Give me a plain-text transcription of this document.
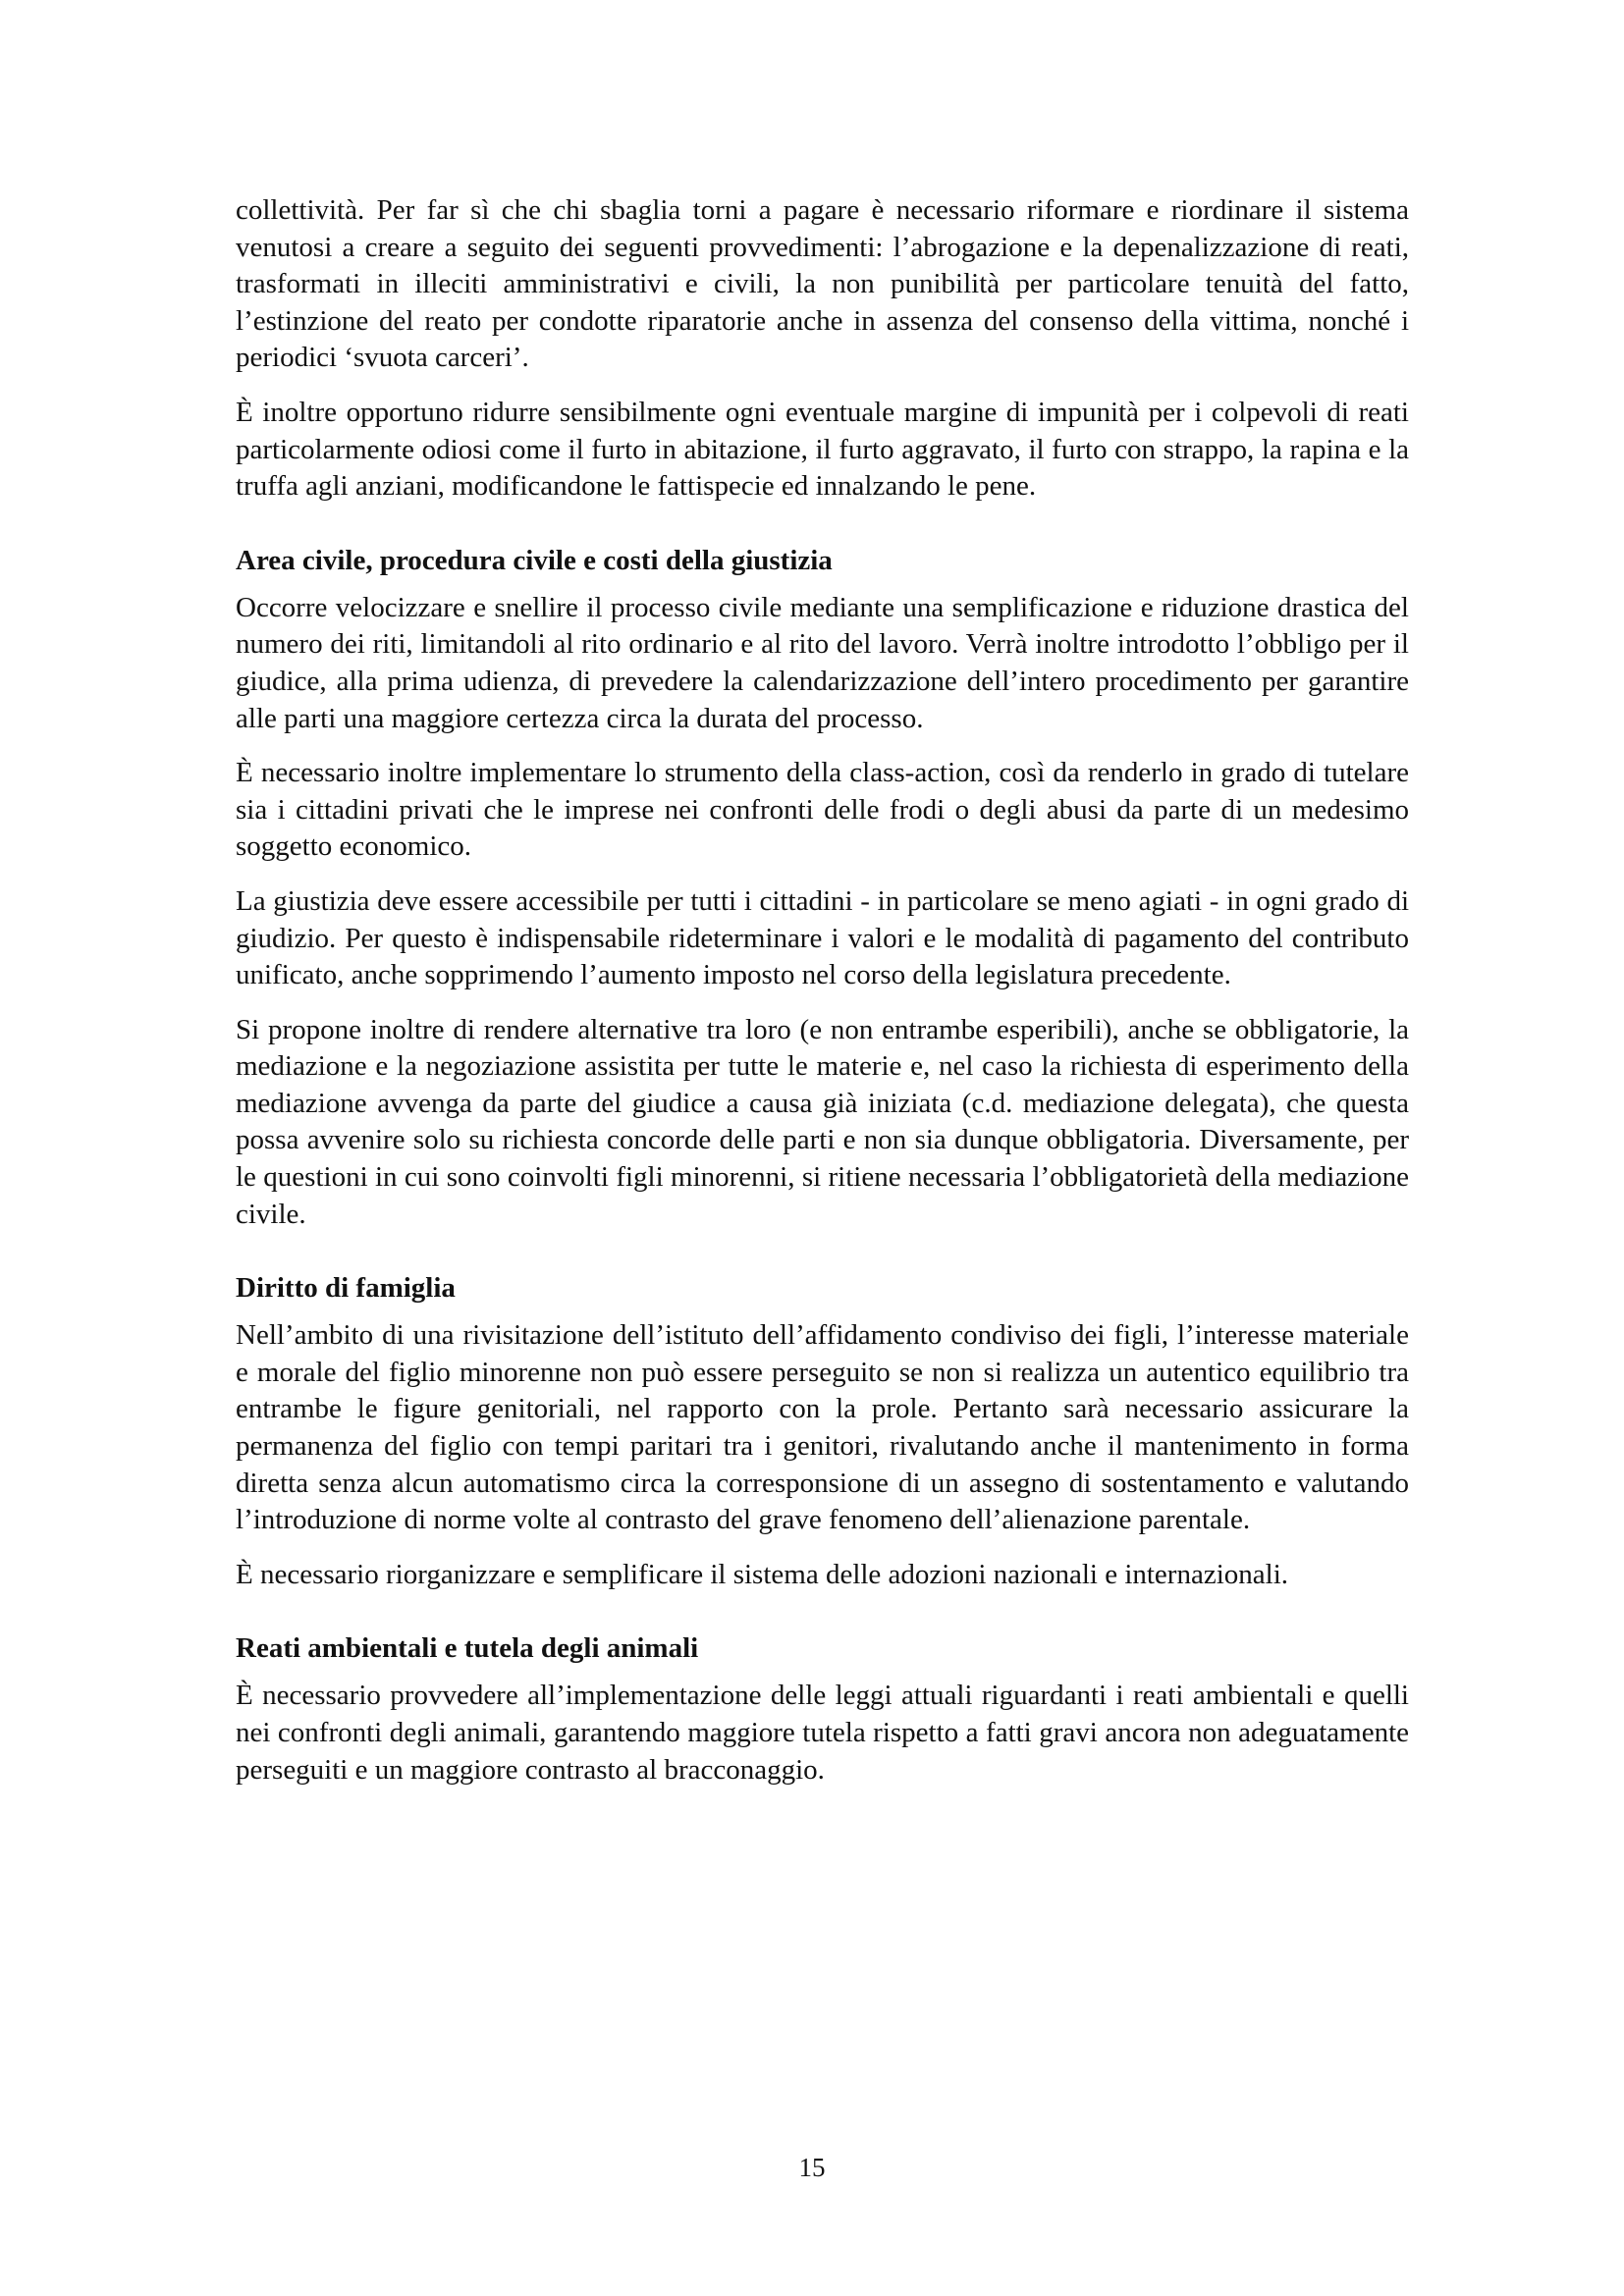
collettività. Per far sì che chi sbaglia torni a pagare è necessario riformare e riordinare il sistema venutosi a creare a seguito dei seguenti provvedimenti: l’abrogazione e la depenalizzazione di reati, trasformati in illeciti amministrativi e civili, la non punibilità per particolare tenuità del fatto, l’estinzione del reato per condotte riparatorie anche in assenza del consenso della vittima, nonché i periodici ‘svuota carceri’.

È inoltre opportuno ridurre sensibilmente ogni eventuale margine di impunità per i colpevoli di reati particolarmente odiosi come il furto in abitazione, il furto aggravato, il furto con strappo, la rapina e la truffa agli anziani, modificandone le fattispecie ed innalzando le pene.

Area civile, procedura civile e costi della giustizia

Occorre velocizzare e snellire il processo civile mediante una semplificazione e riduzione drastica del numero dei riti, limitandoli al rito ordinario e al rito del lavoro. Verrà inoltre introdotto l’obbligo per il giudice, alla prima udienza, di prevedere la calendarizzazione dell’intero procedimento per garantire alle parti una maggiore certezza circa la durata del processo.

È necessario inoltre implementare lo strumento della class-action, così da renderlo in grado di tutelare sia i cittadini privati che le imprese nei confronti delle frodi o degli abusi da parte di un medesimo soggetto economico.

La giustizia deve essere accessibile per tutti i cittadini - in particolare se meno agiati - in ogni grado di giudizio. Per questo è indispensabile rideterminare i valori e le modalità di pagamento del contributo unificato, anche sopprimendo l’aumento imposto nel corso della legislatura precedente.

Si propone inoltre di rendere alternative tra loro (e non entrambe esperibili), anche se obbligatorie, la mediazione e la negoziazione assistita per tutte le materie e, nel caso la richiesta di esperimento della mediazione avvenga da parte del giudice a causa già iniziata (c.d. mediazione delegata), che questa possa avvenire solo su richiesta concorde delle parti e non sia dunque obbligatoria. Diversamente, per le questioni in cui sono coinvolti figli minorenni, si ritiene necessaria l’obbligatorietà della mediazione civile.

Diritto di famiglia

Nell’ambito di una rivisitazione dell’istituto dell’affidamento condiviso dei figli, l’interesse materiale e morale del figlio minorenne non può essere perseguito se non si realizza un autentico equilibrio tra entrambe le figure genitoriali, nel rapporto con la prole. Pertanto sarà necessario assicurare la permanenza del figlio con tempi paritari tra i genitori, rivalutando anche il mantenimento in forma diretta senza alcun automatismo circa la corresponsione di un assegno di sostentamento e valutando l’introduzione di norme volte al contrasto del grave fenomeno dell’alienazione parentale.

È necessario riorganizzare e semplificare il sistema delle adozioni nazionali e internazionali.

Reati ambientali e tutela degli animali

È necessario provvedere all’implementazione delle leggi attuali riguardanti i reati ambientali e quelli nei confronti degli animali, garantendo maggiore tutela rispetto a fatti gravi ancora non adeguatamente perseguiti e un maggiore contrasto al bracconaggio.

15
